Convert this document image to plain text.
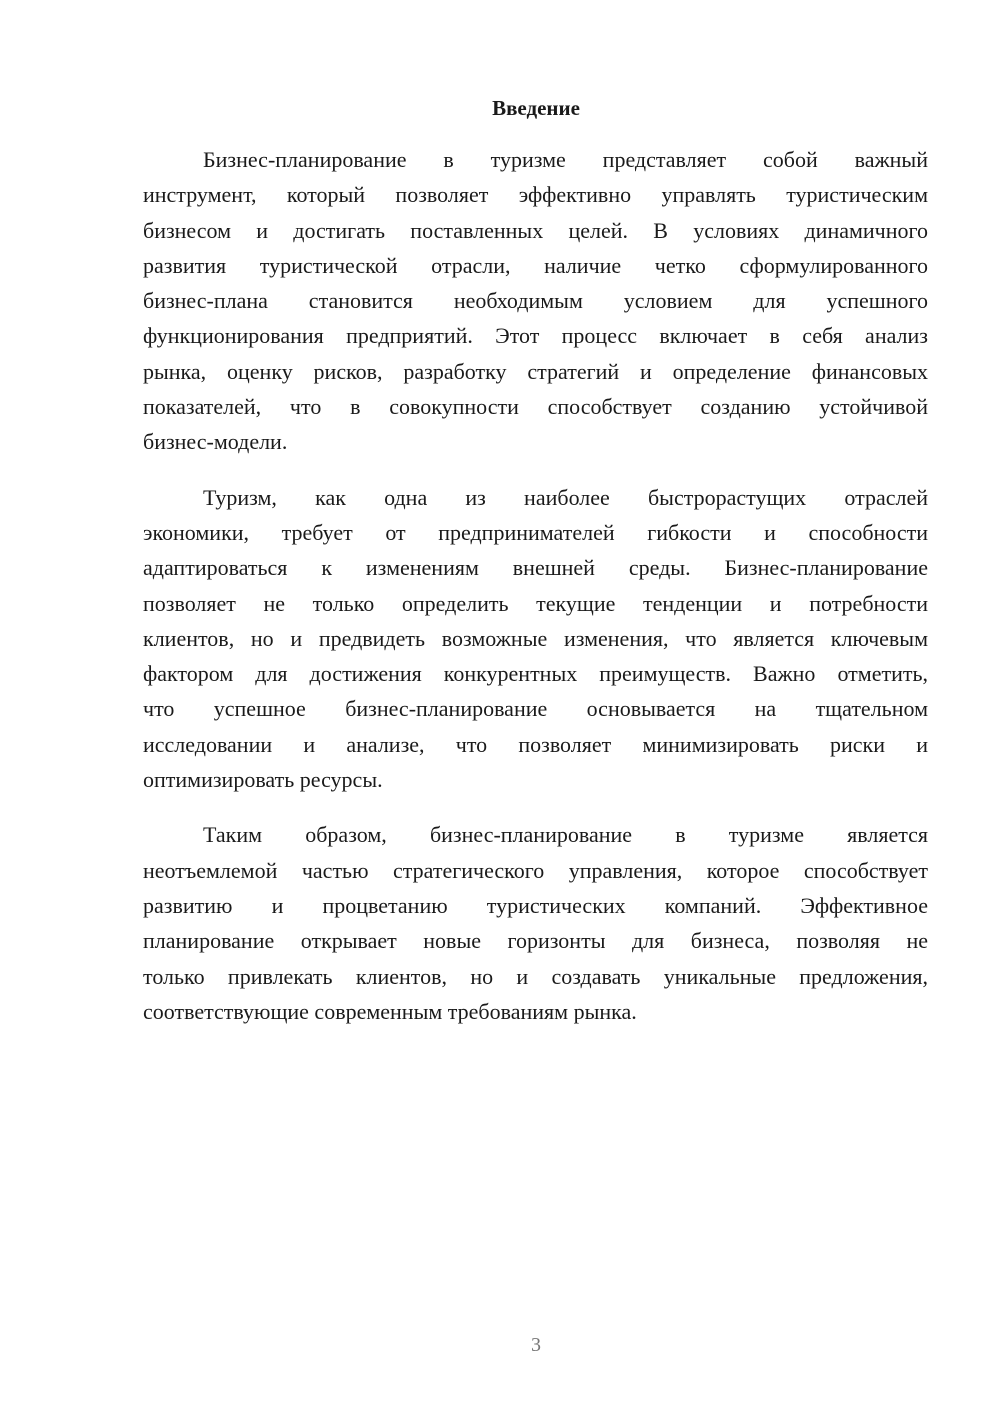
Введение
Бизнес-планирование в туризме представляет собой важный
инструмент, который позволяет эффективно управлять туристическим
бизнесом и достигать поставленных целей. В условиях динамичного
развития туристической отрасли, наличие четко сформулированного
бизнес-плана становится необходимым условием для успешного
функционирования предприятий. Этот процесс включает в себя анализ
рынка, оценку рисков, разработку стратегий и определение финансовых
показателей, что в совокупности способствует созданию устойчивой
бизнес-модели.
Туризм, как одна из наиболее быстрорастущих отраслей
экономики, требует от предпринимателей гибкости и способности
адаптироваться к изменениям внешней среды. Бизнес-планирование
позволяет не только определить текущие тенденции и потребности
клиентов, но и предвидеть возможные изменения, что является ключевым
фактором для достижения конкурентных преимуществ. Важно отметить,
что успешное бизнес-планирование основывается на тщательном
исследовании и анализе, что позволяет минимизировать риски и
оптимизировать ресурсы.
Таким образом, бизнес-планирование в туризме является
неотъемлемой частью стратегического управления, которое способствует
развитию и процветанию туристических компаний. Эффективное
планирование открывает новые горизонты для бизнеса, позволяя не
только привлекать клиентов, но и создавать уникальные предложения,
соответствующие современным требованиям рынка.
3
